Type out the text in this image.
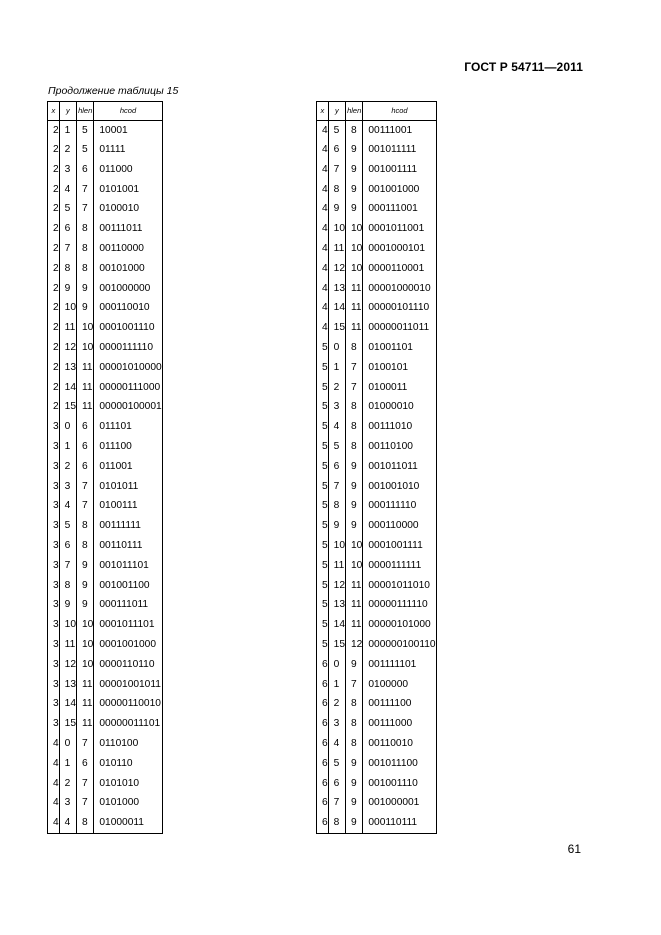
ГОСТ Р 54711—2011
Продолжение таблицы 15
x	y	hlen	hcod
2	1	5	10001
2	2	5	01111
2	3	6	011000
2	4	7	0101001
2	5	7	0100010
2	6	8	00111011
2	7	8	00110000
2	8	8	00101000
2	9	9	001000000
2	10	9	000110010
2	11	10	0001001110
2	12	10	0000111110
2	13	11	00001010000
2	14	11	00000111000
2	15	11	00000100001
3	0	6	011101
3	1	6	011100
3	2	6	011001
3	3	7	0101011
3	4	7	0100111
3	5	8	00111111
3	6	8	00110111
3	7	9	001011101
3	8	9	001001100
3	9	9	000111011
3	10	10	0001011101
3	11	10	0001001000
3	12	10	0000110110
3	13	11	00001001011
3	14	11	00000110010
3	15	11	00000011101
4	0	7	0110100
4	1	6	010110
4	2	7	0101010
4	3	7	0101000
4	4	8	01000011
x	y	hlen	hcod
4	5	8	00111001
4	6	9	001011111
4	7	9	001001111
4	8	9	001001000
4	9	9	000111001
4	10	10	0001011001
4	11	10	0001000101
4	12	10	0000110001
4	13	11	00001000010
4	14	11	00000101110
4	15	11	00000011011
5	0	8	01001101
5	1	7	0100101
5	2	7	0100011
5	3	8	01000010
5	4	8	00111010
5	5	8	00110100
5	6	9	001011011
5	7	9	001001010
5	8	9	000111110
5	9	9	000110000
5	10	10	0001001111
5	11	10	0000111111
5	12	11	00001011010
5	13	11	00000111110
5	14	11	00000101000
5	15	12	000000100110
6	0	9	001111101
6	1	7	0100000
6	2	8	00111100
6	3	8	00111000
6	4	8	00110010
6	5	9	001011100
6	6	9	001001110
6	7	9	001000001
6	8	9	000110111
61
